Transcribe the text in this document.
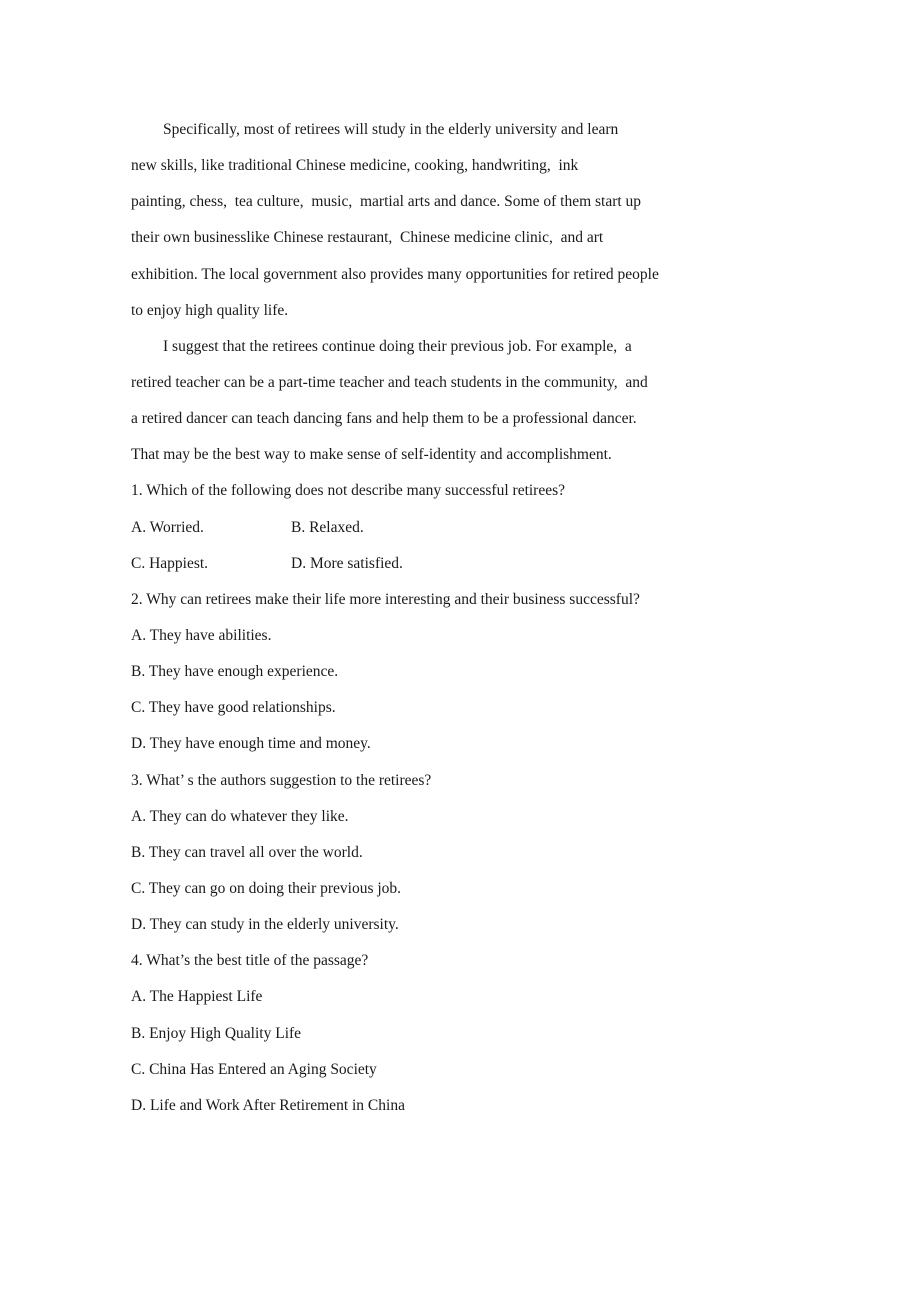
Specifically, most of retirees will study in the elderly university and learn
new skills, like traditional Chinese medicine, cooking, handwriting,  ink
painting, chess,  tea culture,  music,  martial arts and dance. Some of them start up
their own businesslike Chinese restaurant,  Chinese medicine clinic,  and art
exhibition. The local government also provides many opportunities for retired people
to enjoy high quality life.
I suggest that the retirees continue doing their previous job. For example,  a
retired teacher can be a part-time teacher and teach students in the community,  and
a retired dancer can teach dancing fans and help them to be a professional dancer.
That may be the best way to make sense of self-identity and accomplishment.
1. Which of the following does not describe many successful retirees?
A. Worried.	B. Relaxed.
C. Happiest.	D. More satisfied.
2. Why can retirees make their life more interesting and their business successful?
A. They have abilities.
B. They have enough experience.
C. They have good relationships.
D. They have enough time and money.
3. What’ s the authors suggestion to the retirees?
A. They can do whatever they like.
B. They can travel all over the world.
C. They can go on doing their previous job.
D. They can study in the elderly university.
4. What’s the best title of the passage?
A. The Happiest Life
B. Enjoy High Quality Life
C. China Has Entered an Aging Society
D. Life and Work After Retirement in China
